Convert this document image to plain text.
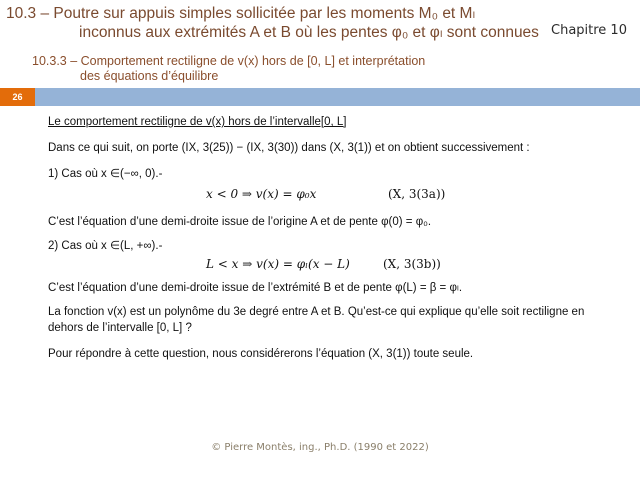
10.3 – Poutre sur appuis simples sollicitée par les moments M₀ et Mₗ
inconnus aux extrémités A et B où les pentes φ₀ et φₗ sont connues Chapitre 10
10.3.3 – Comportement rectiligne de v(x) hors de [0, L] et interprétation
des équations d’équilibre
26
Le comportement rectiligne de v(x) hors de l’intervalle[0, L]
Dans ce qui suit, on porte (IX, 3(25)) − (IX, 3(30)) dans (X, 3(1)) et on obtient successivement :
1) Cas où x ∈(−∞, 0).-
x < 0 ⇒ v(x) = φ₀x	(X, 3(3a))
C’est l’équation d’une demi-droite issue de l’origine A et de pente φ(0) = φ₀.
2) Cas où x ∈(L, +∞).-
L < x ⇒ v(x) = φₗ(x − L)	(X, 3(3b))
C’est l’équation d’une demi-droite issue de l’extrémité B et de pente φ(L) = β = φₗ.
La fonction v(x) est un polynôme du 3e degré entre A et B. Qu’est-ce qui explique qu’elle soit rectiligne en
dehors de l’intervalle [0, L] ?
Pour répondre à cette question, nous considérerons l’équation (X, 3(1)) toute seule.
© Pierre Montès, ing., Ph.D. (1990 et 2022)
